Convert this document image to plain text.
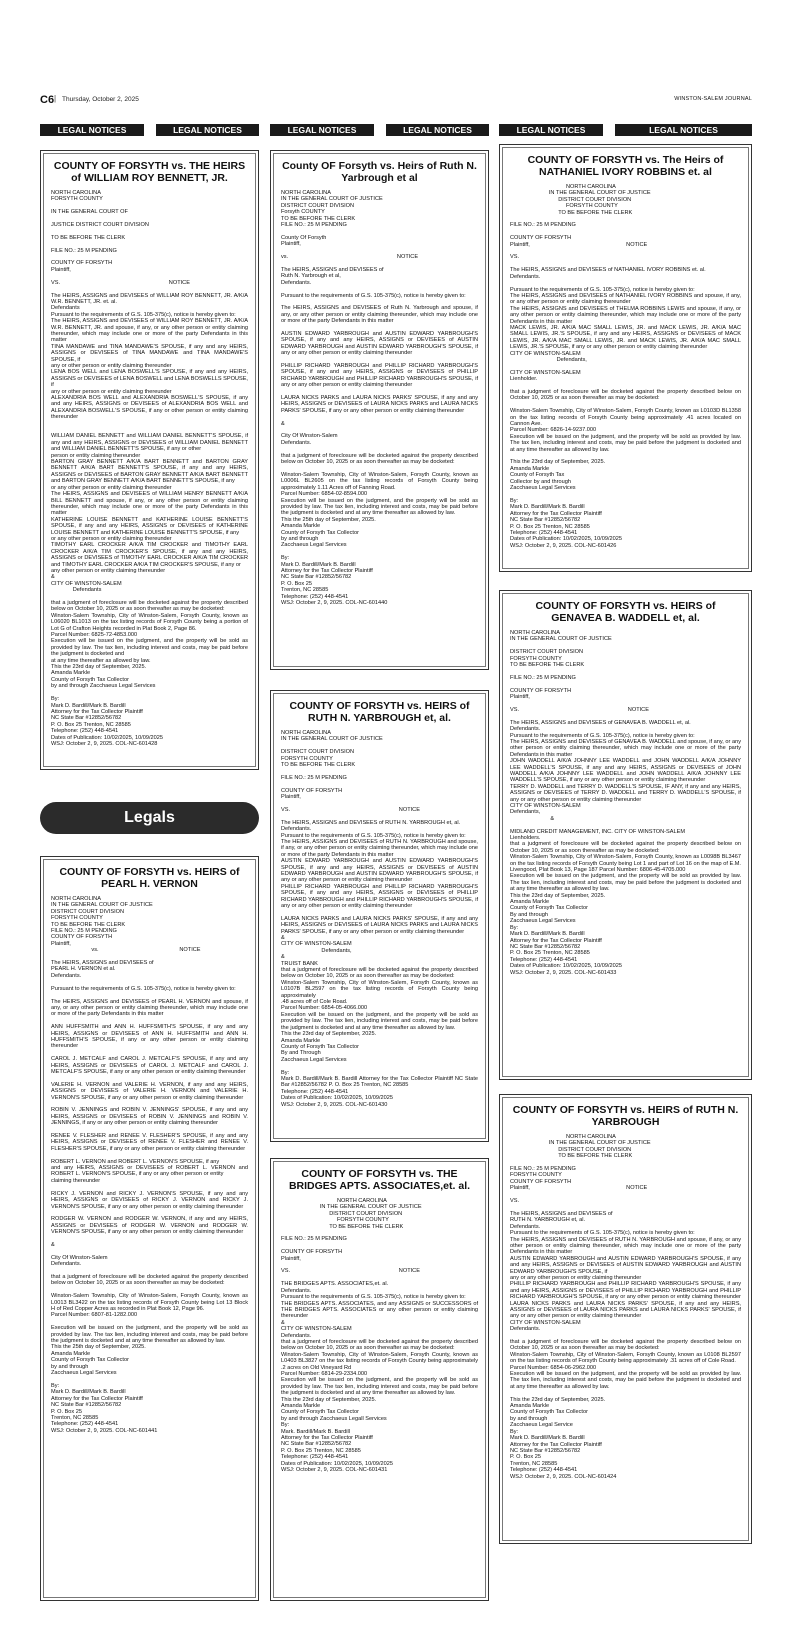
C6 | Thursday, October 2, 2025	WINSTON-SALEM JOURNAL
LEGAL NOTICES	LEGAL NOTICES	LEGAL NOTICES	LEGAL NOTICES	LEGAL NOTICES	LEGAL NOTICES
COUNTY OF FORSYTH vs. THE HEIRS of WILLIAM ROY BENNETT, JR.
NORTH CAROLINA
FORSYTH COUNTY

IN THE GENERAL COURT OF

JUSTICE DISTRICT COURT DIVISION

TO BE BEFORE THE CLERK

FILE NO.: 25 M PENDING

COUNTY OF FORSYTH
Plaintiff,

VS.                                                                      NOTICE

The HEIRS, ASSIGNS and DEVISEES of WILLIAM ROY BENNETT, JR. A/K/A W.R. BENNETT, JR. et. al.
Defendants
Pursuant to the requirements of G.S. 105-375(c), notice is hereby given to:
The HEIRS, ASSIGNS and DEVISEES of WILLIAM ROY BENNETT, JR. A/K/A W.R. BENNETT, JR. and spouse, if any, or any other person or entity claiming thereunder, which may include one or more of the party Defendants in this matter
TINA MANDAWE and TINA MANDAWE'S SPOUSE, if any and any HEIRS, ASSIGNS or DEVISEES of TINA MANDAWE and TINA MANDAWE'S SPOUSE, if
any or other person or entity claiming thereunder
LENA BOS WELL and LENA BOSWELL'S SPOUSE, if any and any HEIRS, ASSIGNS or DEVISEES of LENA BOSWELL and LENA BOSWELLS SPOUSE, if
any or other person or entity claiming thereunder
ALEXANDRIA BOS WELL and ALEXANDRIA BOSWELL'S SPOUSE, if any and any HEIRS, ASSIGNS or DEVISEES of ALEXANDRIA BOS WELL and ALEXANDRIA BOSWELL'S SPOUSE, if any or other person or entity claiming thereunder

WILLIAM DANIEL BENNETT and WILLIAM DANIEL BENNETT'S SPOUSE, if any and any HEIRS, ASSIGNS or DEVISEES of WILLIAM DANIEL BENNETT and WILLIAM DANIEL BENNETT'S SPOUSE, if any or other
person or entity claiming thereunder
BARTON GRAY BENNETT A/K/A BART BENNETT and BARTON GRAY BENNETT A/K/A BART BENNETT'S SPOUSE, if any and any HEIRS, ASSIGNS or DEVISEES of BARTON GRAY BENNETT A/K/A BART BENNETT and BARTON GRAY BENNETT A/K/A BART BENNETT'S SPOUSE, if any
or any other person or entity claiming thereunder
The HEIRS, ASSIGNS and DEVISEES of WILLIAM HENRY BENNETT A/K/A BILL BENNETT and spouse, if any, or any other person or entity claiming thereunder, which may include one or more of the party Defendants in this matter
KATHERINE LOUISE BENNETT and KATHERINE LOUISE BENNETT'S SPOUSE, if any and any HEIRS, ASSIGNS or DEVISEES of KATHERINE LOUISE BENNETT and KATHERINE LOUISE BENNETT'S SPOUSE, if any
or any other person or entity claiming thereunder
TIMOTHY EARL CROCKER A/K/A TIM CROCKER and TIMOTHY EARL CROCKER A/K/A TIM CROCKER'S SPOUSE, if any and any HEIRS, ASSIGNS or DEVISEES of TIMOTHY EARL CROCKER A/K/A TIM CROCKER and TIMOTHY EARL CROCKER A/K/A TIM CROCKER'S SPOUSE, if any or
any other person or entity claiming thereunder
&
CITY OF WINSTON-SALEM
Defendants

that a judgment of foreclosure will be docketed against the property described below on October 10, 2025 or as soon thereafter as may be docketed:
Winston-Salem Township, City of Winston-Salem, Forsyth County, known as L06020 BL1013 on the tax listing records of Forsyth County being a portion of Lot G of Crafton Heights recorded in Plat Book 2, Page 86.
Parcel Number: 6825-72-4853.000
Execution will be issued on the judgment, and the property will be sold as provided by law. The tax lien, including interest and costs, may be paid before the judgment is docketed and
at any time thereafter as allowed by law.
This the 23rd day of September, 2025.
Amanda Markle
County of Forsyth Tax Collector
by and through Zacchaeus Legal Services

By:
Mark D. Bardill/Mark B. Bardill
Attorney for the Tax Collector Plaintiff
NC State Bar #12852/56782
P. O. Box 25 Trenton, NC 28585
Telephone: (252) 448-4541
Dates of Publication: 10/02/2025, 10/09/2025
WSJ: October 2, 9, 2025. COL-NC-601428
Legals
COUNTY OF FORSYTH vs. HEIRS of PEARL H. VERNON
NORTH CAROLINA
IN THE GENERAL COURT OF JUSTICE
DISTRICT COURT DIVISION
FORSYTH COUNTY
TO BE BEFORE THE CLERK
FILE NO.: 25 M PENDING
COUNTY OF FORSYTH
Plaintiff,
vs.                                                    NOTICE

The HEIRS, ASSIGNS and DEVISEES of
PEARL H. VERNON et al.
Defendants.

Pursuant to the requirements of G.S. 105-375(c), notice is hereby given to:

The HEIRS, ASSIGNS and DEVISEES of PEARL H. VERNON and spouse, if any, or any other person or entity claiming thereunder, which may include one or more of the party Defendants in this matter

ANN HUFFSMITH and ANN H. HUFFSMITH'S SPOUSE, if any and any HEIRS, ASSIGNS or DEVISEES of ANN H. HUFFSMITH and ANN H. HUFFSMITH'S SPOUSE, if any or any other person or entity claiming thereunder

CAROL J. METCALF and CAROL J. METCALF'S SPOUSE, if any and any HEIRS, ASSIGNS or DEVISEES of CAROL J. METCALF and CAROL J. METCALF'S SPOUSE, if any or any other person or entity claiming thereunder

VALERIE H. VERNON and VALERIE H. VERNON, if any and any HEIRS, ASSIGNS or DEVISEES of VALERIE H. VERNON and VALERIE H. VERNON'S SPOUSE, if any or any other person or entity claiming thereunder

ROBIN V. JENNINGS and ROBIN V. JENNINGS' SPOUSE, if any and any HEIRS, ASSIGNS or DEVISEES of ROBIN V. JENNINGS and ROBIN V. JENNINGS, if any or any other person or entity claiming thereunder

RENEE V. FLESHER and RENEE V. FLESHER'S SPOUSE, if any and any HEIRS, ASSIGNS or DEVISEES of RENEE V. FLESHER and RENEE V. FLESHER'S SPOUSE, if any or any other person or entity claiming thereunder

ROBERT L. VERNON and ROBERT L. VERNON'S SPOUSE, if any
and any HEIRS, ASSIGNS or DEVISEES of ROBERT L. VERNON and ROBERT L. VERNON'S SPOUSE, if any or any other person or entity
claiming thereunder

RICKY J. VERNON and RICKY J. VERNON'S SPOUSE, if any and any HEIRS, ASSIGNS or DEVISEES of RICKY J. VERNON and RICKY J. VERNON'S SPOUSE, if any or any other person or entity claiming thereunder

RODGER W. VERNON and RODGER W. VERNON, if any and any HEIRS, ASSIGNS or DEVISEES of RODGER W. VERNON and RODGER W. VERNON'S SPOUSE, if any or any other person or entity claiming thereunder

&

City Of Winston-Salem
Defendants.

that a judgment of foreclosure will be docketed against the property described below on October 10, 2025 or as soon thereafter as may be docketed:

Winston-Salem Township, City of Winston-Salem, Forsyth County, known as L0013 BL3422 on the tax listing records of Forsyth County being Lot 13 Block H of Red Copper Acres as recorded in Plat Book 12, Page 96.
Parcel Number: 6807-81-1282.000

Execution will be issued on the judgment, and the property will be sold as provided by law. The tax lien, including interest and costs, may be paid before the judgment is docketed and at any time thereafter as allowed by law.
This the 25th day of September, 2025.
Amanda Markle
County of Forsyth Tax Collector
by and through
Zacchaeus Legal Services

By:
Mark D. Bardill/Mark B. Bardill
Attorney for the Tax Collector Plaintiff
NC State Bar #12852/56782
P. O. Box 25
Trenton, NC 28585
Telephone: (252) 448-4541
WSJ: October 2, 9, 2025. COL-NC-601441
County OF Forsyth vs. Heirs of Ruth N. Yarbrough et al
NORTH CAROLINA
IN THE GENERAL COURT OF JUSTICE
DISTRICT COURT DIVISION
Forsyth COUNTY
TO BE BEFORE THE CLERK
FILE NO.: 25 M PENDING

County Of Forsyth
Plaintiff,

vs.                                                                      NOTICE

The HEIRS, ASSIGNS and DEVISEES of
Ruth N. Yarbrough et al,
Defendants.

Pursuant to the requirements of G.S. 105-375(c), notice is hereby given to:

The HEIRS, ASSIGNS and DEVISEES of Ruth N. Yarbrough and spouse, if any, or any other person or entity claiming thereunder, which may include one or more of the party Defendants in this matter

AUSTIN EDWARD YARBROUGH and AUSTIN EDWARD YARBROUGH'S SPOUSE, if any and any HEIRS, ASSIGNS or DEVISEES of AUSTIN EDWARD YARBROUGH and AUSTIN EDWARD YARBROUGH'S SPOUSE, if any or any other person or entity claiming thereunder

PHILLIP RICHARD YARBROUGH and PHILLIP RICHARD YARBROUGH'S SPOUSE, if any and any HEIRS, ASSIGNS or DEVISEES of PHILLIP RICHARD YARBROUGH and PHILLIP RICHARD YARBROUGH'S SPOUSE, if any or any other person or entity claiming thereunder

LAURA NICKS PARKS and LAURA NICKS PARKS' SPOUSE, if any and any HEIRS, ASSIGNS or DEVISEES of LAURA NICKS PARKS and LAURA NICKS PARKS' SPOUSE, if any or any other person or entity claiming thereunder

&

City Of Winston-Salem
Defendants.

that a judgment of foreclosure will be docketed against the property described below on October 10, 2025 or as soon thereafter as may be docketed:

Winston-Salem Township, City of Winston-Salem, Forsyth County, known as L0006L BL2605 on the tax listing records of Forsyth County being approximately 1.11 Acres off of Fanning Road.
Parcel Number: 6854-02-8594.000
Execution will be issued on the judgment, and the property will be sold as provided by law. The tax lien, including interest and costs, may be paid before the judgment is docketed and at any time thereafter as allowed by law.
This the 25th day of September, 2025.
Amanda Markle
County of Forsyth Tax Collector
by and through
Zacchaeus Legal Services

By:
Mark D. Bardill/Mark B. Bardill
Attorney for the Tax Collector Plaintiff
NC State Bar #12852/56782
P. O. Box 25
Trenton, NC 28585
Telephone: (252) 448-4541
WSJ: October 2, 9, 2025. COL-NC-601440
COUNTY OF FORSYTH vs. HEIRS of RUTH N. YARBROUGH et, al.
NORTH CAROLINA
IN THE GENERAL COURT OF JUSTICE

DISTRICT COURT DIVISION
FORSYTH COUNTY
TO BE BEFORE THE CLERK

FILE NO.: 25 M PENDING

COUNTY OF FORSYTH
Plaintiff,

VS.                                                                      NOTICE

The HEIRS, ASSIGNS and DEVISEES of RUTH N. YARBROUGH et, al.
Defendants.
Pursuant to the requirements of G.S. 105-375(c), notice is hereby given to:
The HEIRS, ASSIGNS and DEVISEES of RUTH N. YARBROUGH and spouse, if any, or any other person or entity claiming thereunder, which may include one or more of the party Defendants in this matter
AUSTIN EDWARD YARBROUGH and AUSTIN EDWARD YARBROUGH'S SPOUSE, if any and any HEIRS, ASSIGNS or DEVISEES of AUSTIN EDWARD YARBROUGH and AUSTIN EDWARD YARBROUGH'S SPOUSE, if any or any other person or entity claiming thereunder
PHILLIP RICHARD YARBROUGH and PHILLIP RICHARD YARBROUGH'S SPOUSE, if any and any HEIRS, ASSIGNS or DEVISEES of PHILLIP RICHARD YARBROUGH and PHILLIP RICHARD YARBROUGH'S SPOUSE, if any or any other person or entity claiming thereunder

LAURA NICKS PARKS and LAURA NICKS PARKS' SPOUSE, if any and any HEIRS, ASSIGNS or DEVISEES of LAURA NICKS PARKS and LAURA NICKS PARKS' SPOUSE, if any or any other person or entity claiming thereunder
&
CITY OF WINSTON-SALEM
Defendants,
&
TRUIST BANK
that a judgment of foreclosure will be docketed against the property described below on October 10, 2025 or as soon thereafter as may be docketed:
Winston-Salem Township, City of Winston-Salem, Forsyth County, known as L0107B BL2597 on the tax listing records of Forsyth County being approximately
.48 acres off of Cole Road.
Parcel Number: 6854-05-4066.000
Execution will be issued on the judgment, and the property will be sold as provided by law. The tax lien, including interest and costs, may be paid before the judgment is docketed and at any time thereafter as allowed by law.
This the 23rd day of September, 2025.
Amanda Markle
County of Forsyth Tax Collector
By and Through
Zacchaeus Legal Services

By:
Mark D. Bardill/Mark B. Bardill Attorney for the Tax Collector Plaintiff NC State Bar #12852/56782 P. O. Box 25 Trenton, NC 28585
Telephone: (252) 448-4541
Dates of Publication: 10/02/2025, 10/09/2025
WSJ: October 2, 9, 2025. COL-NC-601430
COUNTY OF FORSYTH vs. THE BRIDGES APTS. ASSOCIATES,et. al.
NORTH CAROLINA
IN THE GENERAL COURT OF JUSTICE
DISTRICT COURT DIVISION
FORSYTH COUNTY
TO BE BEFORE THE CLERK

FILE NO.: 25 M PENDING

COUNTY OF FORSYTH
Plaintiff,

VS.                                                                      NOTICE

THE BRIDGES APTS. ASSOCIATES,et. al.
Defendants.
Pursuant to the requirements of G.S. 105-375(c), notice is hereby given to:
THE BRIDGES APTS. ASSOCIATES, and any ASSIGNS or SUCCESSORS of THE BRIDGES APTS. ASSOCIATES or any other person or entity claiming thereunder
&
CITY OF WINSTON-SALEM
Defendants.
that a judgment of foreclosure will be docketed against the property described below on October 10, 2025 or as soon thereafter as may be docketed:
Winston-Salem Township, City of Winston-Salem, Forsyth County, known as L0403 BL3827 on the tax listing records of Forsyth County being approximately .2 acres on Old Vineyard Rd
Parcel Number: 6814-29-2334.000
Execution will be issued on the judgment, and the property will be sold as provided by law. The tax lien, including interest and costs, may be paid before the judgment is docketed and at any time thereafter as allowed by law.
This the 23rd day of September, 2025.
Amanda Markle
County of Forsyth Tax Collector
by and through Zacchaeus Legall Services
By:
Mark. Bardill/Mark B. Bardill
Attorney for the Tax Collector Plaintiff
NC State Bar #12852/56782
P. O. Box 25 Trenton, NC 28585
Telephone: (252) 448-4541
Dates of Publication: 10/02/2025, 10/09/2025
WSJ: October 2, 9, 2025. COL-NC-601431
COUNTY OF FORSYTH vs. The Heirs of NATHANIEL IVORY ROBBINS et. al
NORTH CAROLINA
IN THE GENERAL COURT OF JUSTICE
DISTRICT COURT DIVISION
FORSYTH COUNTY
TO BE BEFORE THE CLERK

FILE NO.: 25 M PENDING

COUNTY OF FORSYTH
Plaintiff,                                                              NOTICE

VS.

The HEIRS, ASSIGNS and DEVISEES of NATHANIEL IVORY ROBBINS et. al.
Defendants.

Pursuant to the requirements of G.S. 105-375(c), notice is hereby given to:
The HEIRS, ASSIGNS and DEVISEES of NATHANIEL IVORY ROBBINS and spouse, if any, or any other person or entity claiming thereunder
The HEIRS, ASSIGNS and DEVISEES of THELMA ROBBINS LEWIS and spouse, if any, or any other person or entity claiming thereunder, which may include one or more of the party Defendants in this matter
MACK LEWIS, JR. A/K/A MAC SMALL LEWIS, JR. and MACK LEWIS, JR. A/K/A MAC SMALL LEWIS, JR.'S SPOUSE, if any and any HEIRS, ASSIGNS or DEVISEES of MACK LEWIS, JR. A/K/A MAC SMALL LEWIS, JR. and MACK LEWIS, JR. A/K/A MAC SMALL LEWIS, JR.'S SPOUSE, if any or any other person or entity claiming thereunder
CITY OF WINSTON-SALEM
Defendants,

CITY OF WINSTON-SALEM
Lienholder.

that a judgment of foreclosure will be docketed against the property described below on October 10, 2025 or as soon thereafter as may be docketed:

Winston-Salem Township, City of Winston-Salem, Forsyth County, known as L0103D BL1358 on the tax listing records of Forsyth County being approximately .41 acres located on Cannon Ave.
Parcel Number: 6826-14-9237.000
Execution will be issued on the judgment, and the property will be sold as provided by law. The tax lien, including interest and costs, may be paid before the judgment is docketed and at any time thereafter as allowed by law.

This the 23rd day of September, 2025.
Amanda Markle
County of Forsyth Tax
Collector by and through
Zacchaeus Legal Services

By:
Mark D. Bardill/Mark B. Bardill
Attorney for the Tax Collector Plaintiff
NC State Bar #12852/56782
P. O. Box 25 Trenton, NC 28585
Telephone: (252) 448-4541
Dates of Publication: 10/02/2025, 10/09/2025
WSJ: October 2, 9, 2025. COL-NC-601426
COUNTY OF FORSYTH vs. HEIRS of GENAVEA B. WADDELL et, al.
NORTH CAROLINA
IN THE GENERAL COURT OF JUSTICE

DISTRICT COURT DIVISION
FORSYTH COUNTY
TO BE BEFORE THE CLERK

FILE NO.: 25 M PENDING

COUNTY OF FORSYTH
Plaintiff,

VS.                                                                      NOTICE

The HEIRS, ASSIGNS and DEVISEES of GENAVEA B. WADDELL et, al.
Defendants.
Pursuant to the requirements of G.S. 105-375(c), notice is hereby given to:
The HEIRS, ASSIGNS and DEVISEES of GENAVEA B. WADDELL and spouse, if any, or any other person or entity claiming thereunder, which may include one or more of the party Defendants in this matter
JOHN WADDELL A/K/A JOHNNY LEE WADDELL and JOHN WADDELL A/K/A JOHNNY LEE WADDELL'S SPOUSE, if any and any HEIRS, ASSIGNS or DEVISEES of JOHN WADDELL A/K/A JOHNNY LEE WADDELL and JOHN WADDELL A/K/A JOHNNY LEE WADDELL'S SPOUSE, if any or any other person or entity claiming thereunder
TERRY D. WADDELL and TERRY D. WADDELL'S SPOUSE, IF ANY, if any and any HEIRS, ASSIGNS or DEVISEES of TERRY D. WADDELL and TERRY D. WADDELL'S SPOUSE, if any or any other person or entity claiming thereunder
CITY OF WINSTON-SALEM
Defendants,
&

MIDLAND CREDIT MANAGEMENT, INC. CITY OF WINSTON-SALEM
Lienholders.
that a judgment of foreclosure will be docketed against the property described below on October 10, 2025 or as soon thereafter as may be docketed:
Winston-Salem Township, City of Winston-Salem, Forsyth County, known as L0098B BL3467 on the tax listing records of Forsyth County being Lot 1 and part of Lot 16 on the map of E.M. Livengood, Plat Book 13, Page 187 Parcel Number: 6806-45-4705.000
Execution will be issued on the judgment, and the property will be sold as provided by law. The tax lien, including interest and costs, may be paid before the judgment is docketed and at any time thereafter as allowed by law.
This the 23rd day of September, 2025.
Amanda Markle
County of Forsyth Tax Collector
By and through
Zacchaeus Legal Services
By:
Mark D. Bardill/Mark B. Bardill
Attorney for the Tax Collector Plaintiff
NC State Bar #12852/56782
P. O. Box 25 Trenton, NC 28585
Telephone: (252) 448-4541
Dates of Publication: 10/02/2025, 10/09/2025
WSJ: October 2, 9, 2025. COL-NC-601433
COUNTY OF FORSYTH vs. HEIRS of RUTH N. YARBROUGH
NORTH CAROLINA
IN THE GENERAL COURT OF JUSTICE
DISTRICT COURT DIVISION
TO BE BEFORE THE CLERK

FILE NO.: 25 M PENDING
FORSYTH COUNTY
COUNTY OF FORSYTH
Plaintiff,                                                              NOTICE

VS.

The HEIRS, ASSIGNS and DEVISEES of
RUTH N. YARBROUGH et, al.
Defendants.
Pursuant to the requirements of G.S. 105-375(c), notice is hereby given to:
The HEIRS, ASSIGNS and DEVISEES of RUTH N. YARBROUGH and spouse, if any, or any other person or entity claiming thereunder, which may include one or more of the party Defendants in this matter
AUSTIN EDWARD YARBROUGH and AUSTIN EDWARD YARBROUGH'S SPOUSE, if any and any HEIRS, ASSIGNS or DEVISEES of AUSTIN EDWARD YARBROUGH and AUSTIN EDWARD YARBROUGH'S SPOUSE, if
any or any other person or entity claiming thereunder
PHILLIP RICHARD YARBROUGH and PHILLIP RICHARD YARBROUGH'S SPOUSE, if any and any HEIRS, ASSIGNS or DEVISEES of PHILLIP RICHARD YARBROUGH and PHILLIP RICHARD YARBROUGH'S SPOUSE, if any or any other person or entity claiming thereunder
LAURA NICKS PARKS and LAURA NICKS PARKS' SPOUSE, if any and any HEIRS, ASSIGNS or DEVISEES of LAURA NICKS PARKS and LAURA NICKS PARKS' SPOUSE, if any or any other person or entity claiming thereunder
CITY OF WINSTON-SALEM
Defendants.

that a judgment of foreclosure will be docketed against the property described below on October 10, 2025 or as soon thereafter as may be docketed:
Winston-Salem Township, City of Winston-Salem, Forsyth County, known as L0108 BL2597 on the tax listing records of Forsyth County being approximately .31 acres off of Cole Road.
Parcel Number: 6854-06-2962.000
Execution will be issued on the judgment, and the property will be sold as provided by law. The tax lien, including interest and costs, may be paid before the judgment is docketed and at any time thereafter as allowed by law.

This the 23rd day of September, 2025.
Amanda Markle
County of Forsyth Tax Collector
by and through
Zacchaeus Legal Service
By:
Mark D. Bardill/Mark B. Bardill
Attorney for the Tax Collector Plaintiff
NC State Bar #12852/56782
P. O. Box 25
Trenton, NC 28585
Telephone: (252) 448-4541
WSJ: October 2, 9, 2025. COL-NC-601424
